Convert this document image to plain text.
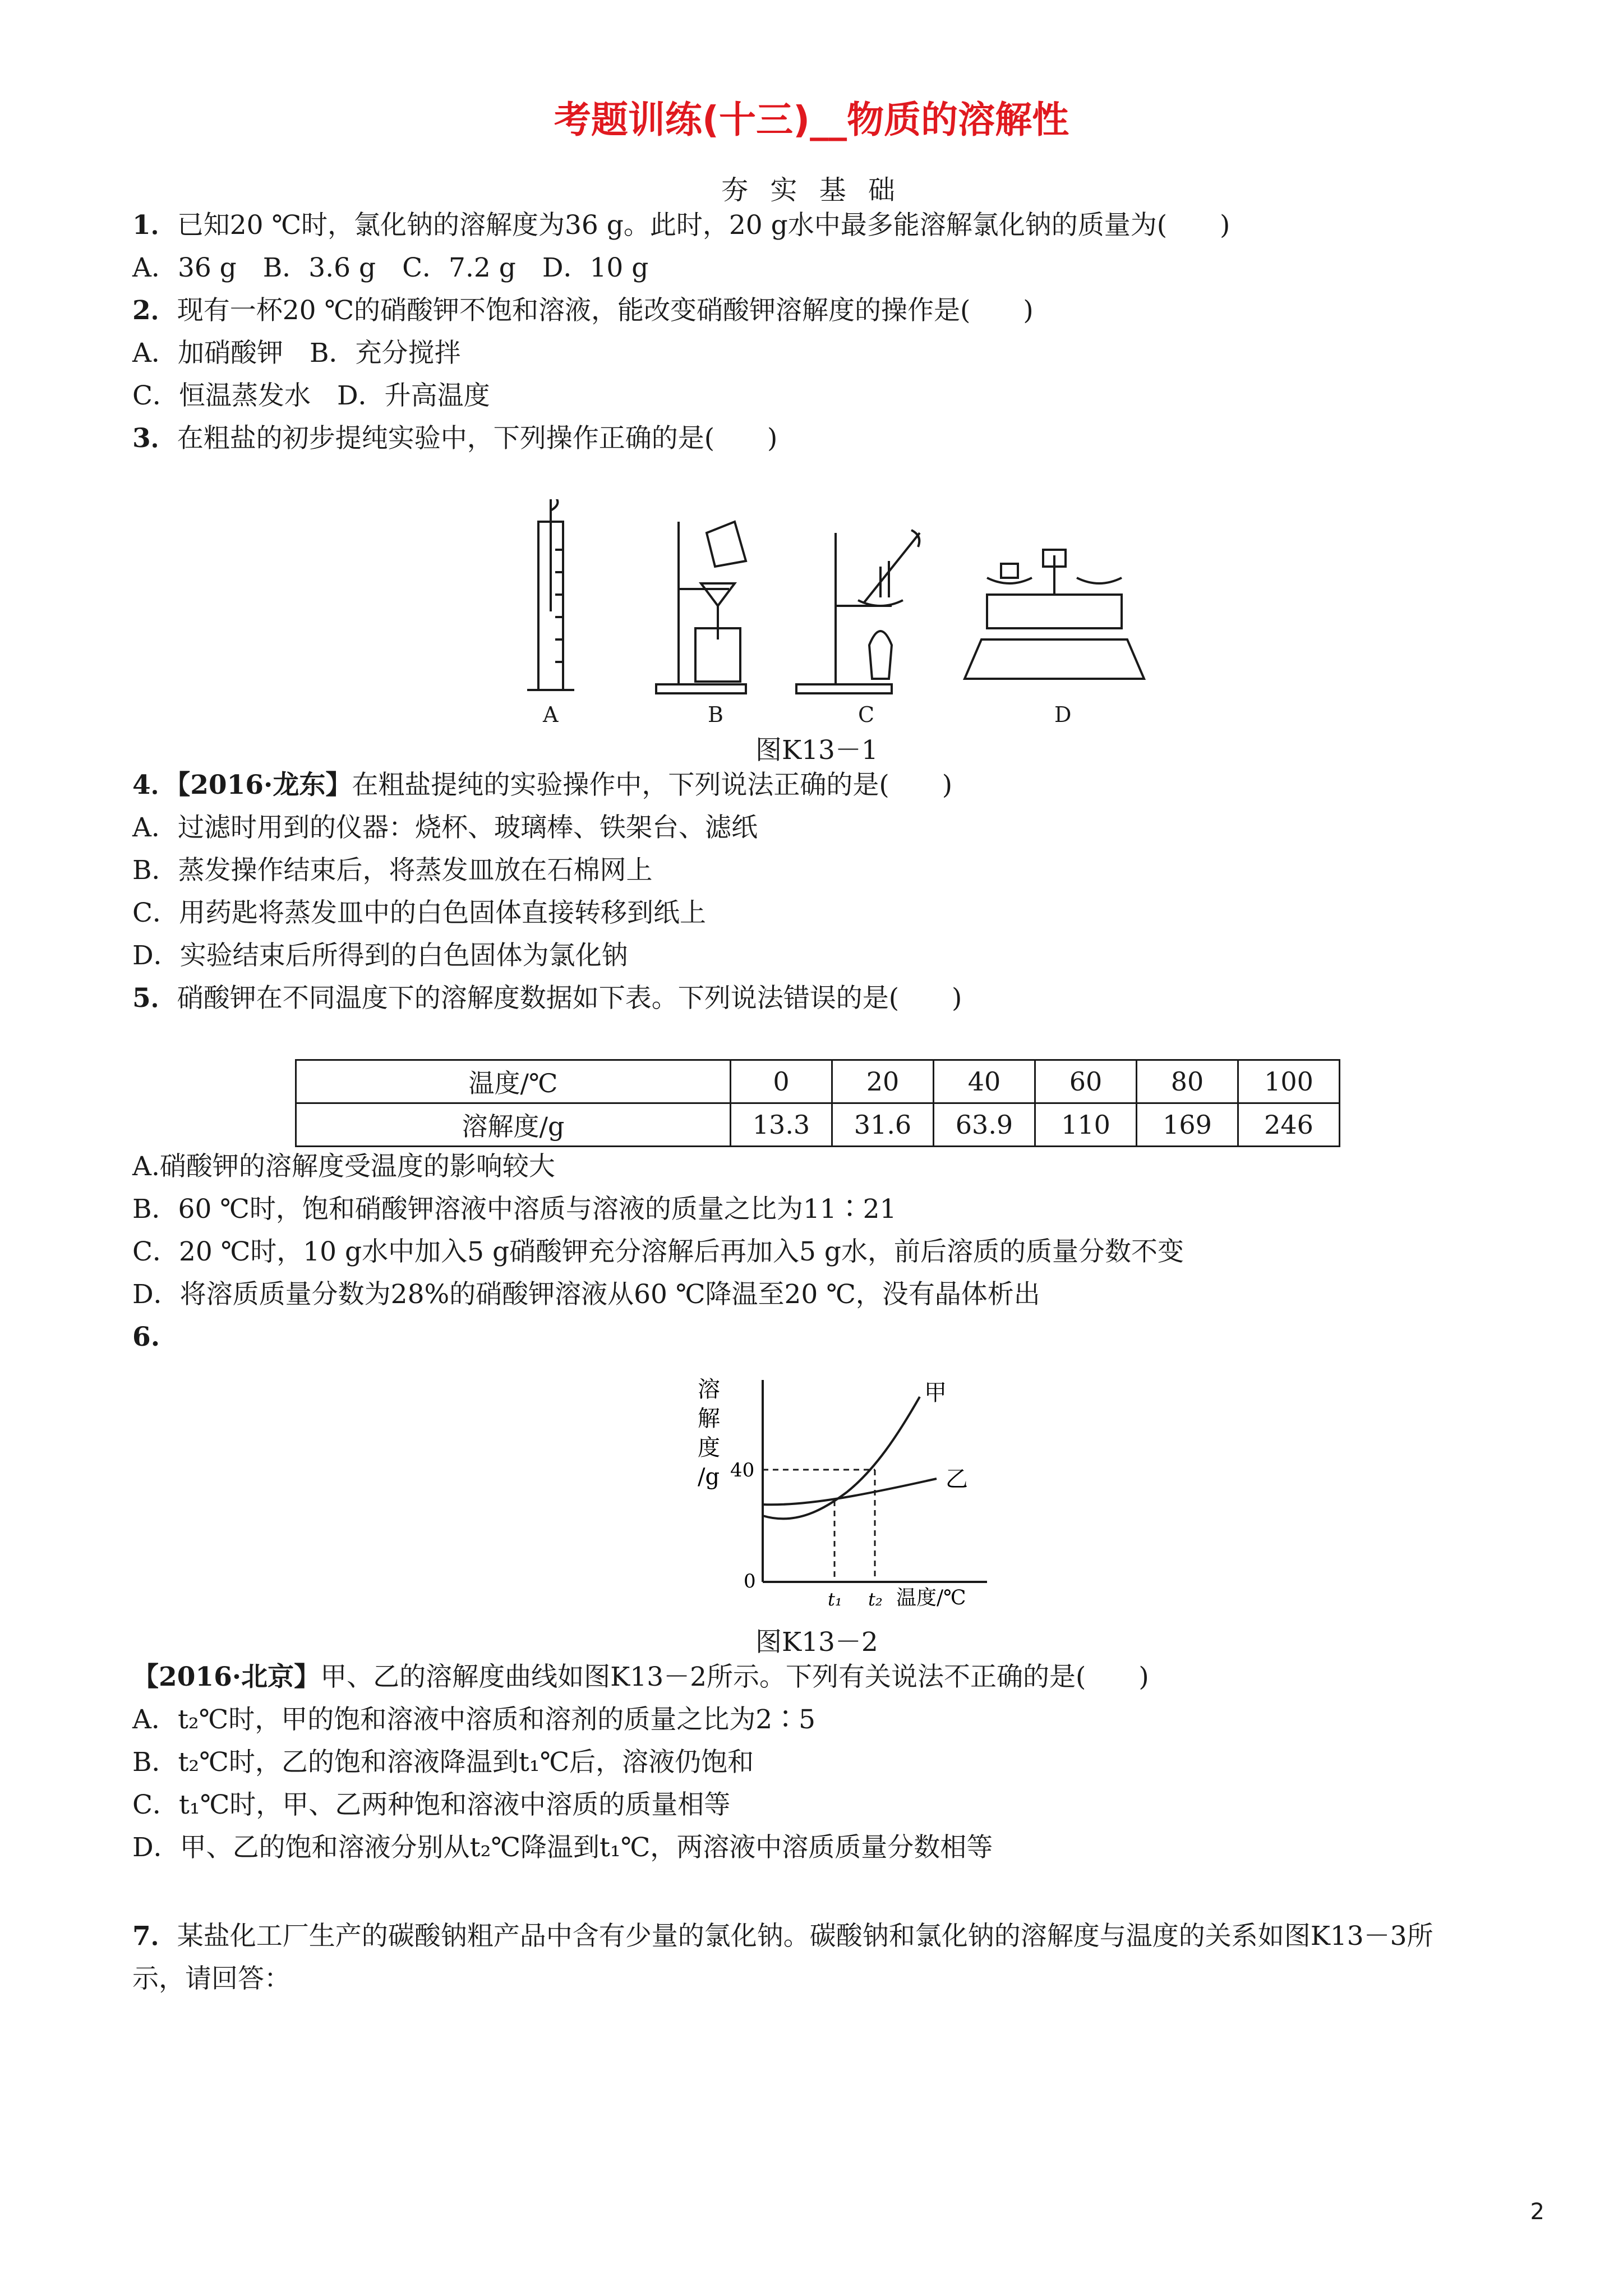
考题训练(十三)__物质的溶解性
夯 实 基 础
1．已知20 ℃时，氯化钠的溶解度为36 g。此时，20 g水中最多能溶解氯化钠的质量为(　　)
A．36 g　B．3.6 g　C．7.2 g　D．10 g
2．现有一杯20 ℃的硝酸钾不饱和溶液，能改变硝酸钾溶解度的操作是(　　)
A．加硝酸钾　B．充分搅拌
C．恒温蒸发水　D．升高温度
3．在粗盐的初步提纯实验中，下列操作正确的是(　　)
A	B	C	D
图K13－1
4．【2016·龙东】在粗盐提纯的实验操作中，下列说法正确的是(　　)
A．过滤时用到的仪器：烧杯、玻璃棒、铁架台、滤纸
B．蒸发操作结束后，将蒸发皿放在石棉网上
C．用药匙将蒸发皿中的白色固体直接转移到纸上
D．实验结束后所得到的白色固体为氯化钠
5．硝酸钾在不同温度下的溶解度数据如下表。下列说法错误的是(　　)
温度/℃	0	20	40	60	80	100
溶解度/g	13.3	31.6	63.9	110	169	246
A.硝酸钾的溶解度受温度的影响较大
B．60 ℃时，饱和硝酸钾溶液中溶质与溶液的质量之比为11∶21
C．20 ℃时，10 g水中加入5 g硝酸钾充分溶解后再加入5 g水，前后溶质的质量分数不变
D．将溶质质量分数为28%的硝酸钾溶液从60 ℃降温至20 ℃，没有晶体析出
6.
溶
解
度
/g 40
0
t₁ t₂ 温度/℃
甲
乙
图K13－2
【2016·北京】甲、乙的溶解度曲线如图K13－2所示。下列有关说法不正确的是(　　)
A．t₂℃时，甲的饱和溶液中溶质和溶剂的质量之比为2∶5
B．t₂℃时，乙的饱和溶液降温到t₁℃后，溶液仍饱和
C．t₁℃时，甲、乙两种饱和溶液中溶质的质量相等
D．甲、乙的饱和溶液分别从t₂℃降温到t₁℃，两溶液中溶质质量分数相等
7．某盐化工厂生产的碳酸钠粗产品中含有少量的氯化钠。碳酸钠和氯化钠的溶解度与温度的关系如图K13－3所
示，请回答：
2
